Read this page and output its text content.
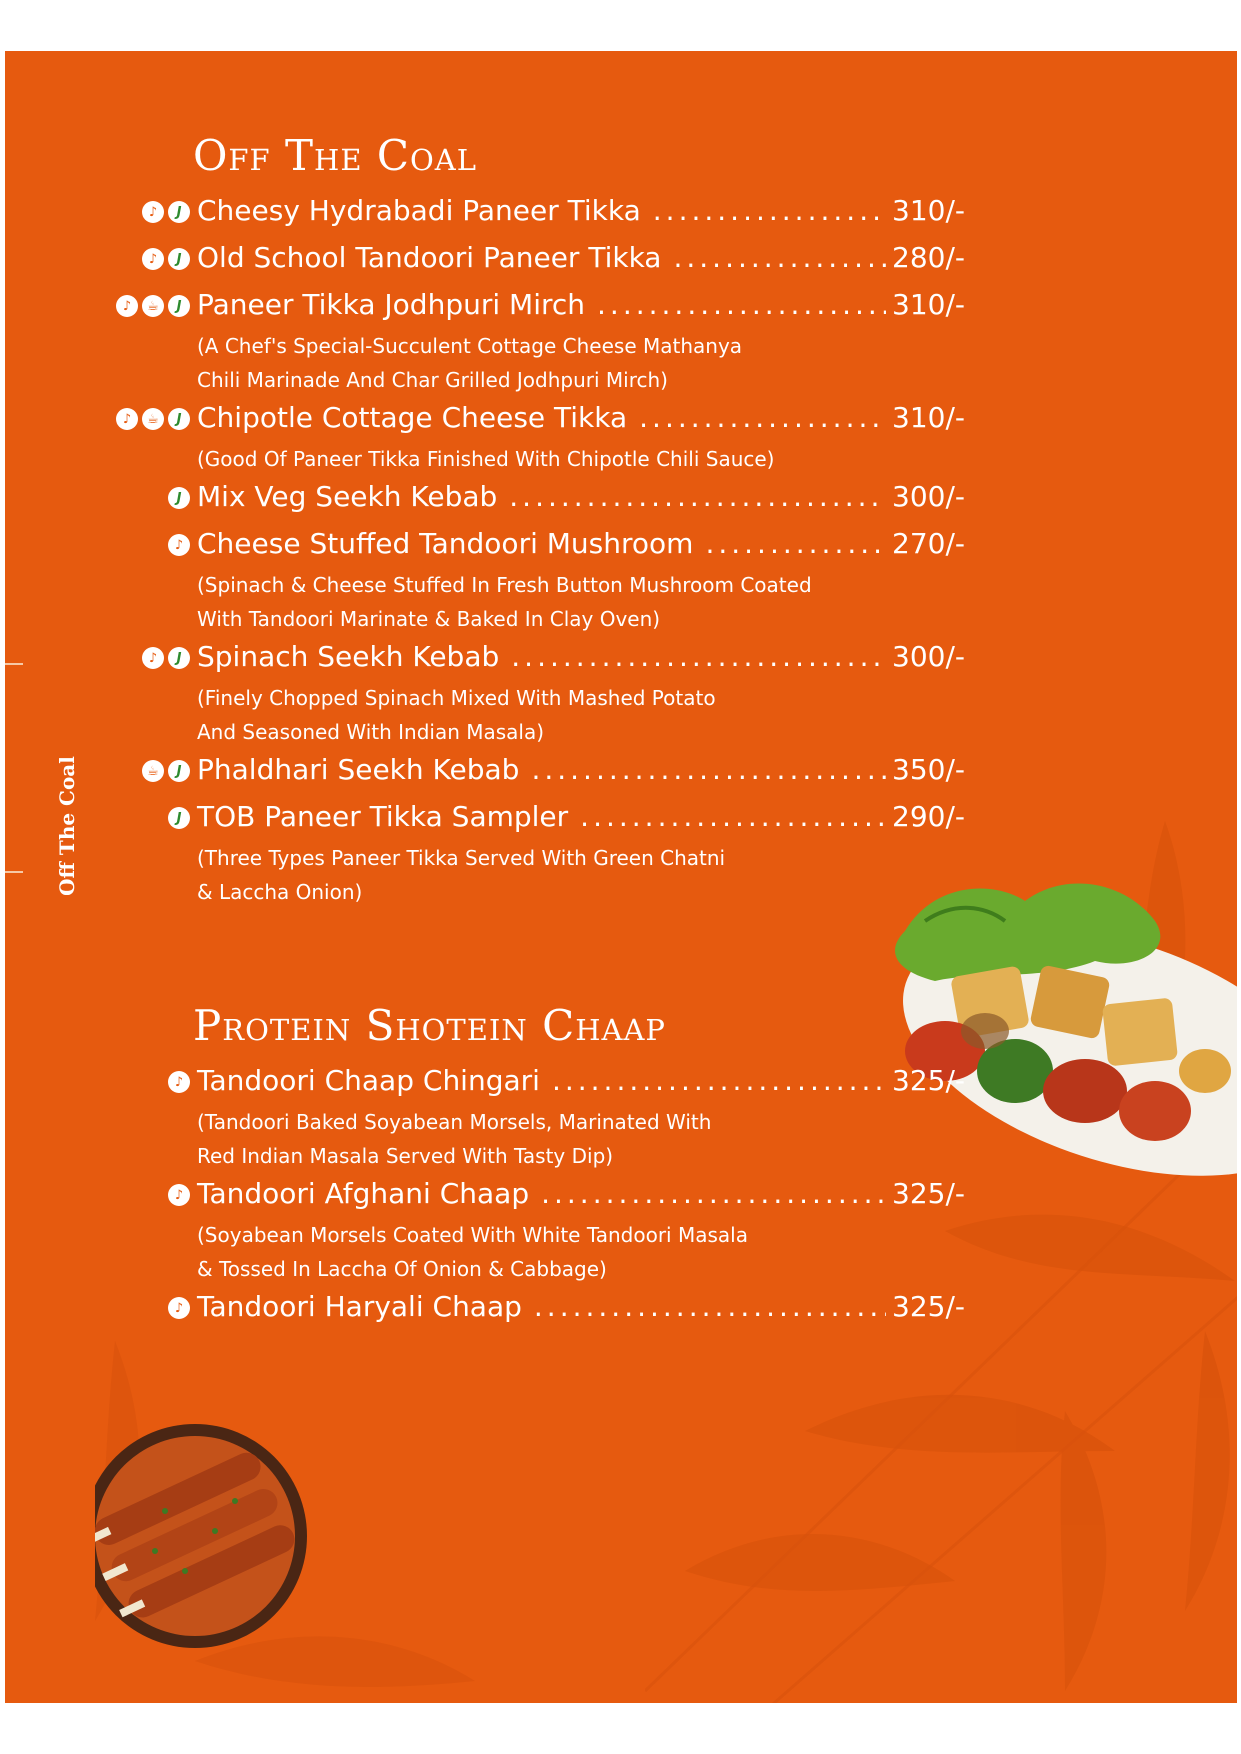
Off The Coal
Off The Coal
♪	J Cheesy Hydrabadi Paneer Tikka .....	310/-
♪	J Old School Tandoori Paneer Tikka .....	280/-
♪	☕	J Paneer Tikka Jodhpuri Mirch .....	310/-
(A Chef's Special-Succulent Cottage Cheese Mathanya
Chili Marinade And Char Grilled Jodhpuri Mirch)
♪	☕	J Chipotle Cottage Cheese Tikka .....	310/-
(Good Of Paneer Tikka Finished With Chipotle Chili Sauce)
J Mix Veg Seekh Kebab .....	300/-
♪ Cheese Stuffed Tandoori Mushroom .....	270/-
(Spinach & Cheese Stuffed In Fresh Button Mushroom Coated
With Tandoori Marinate & Baked In Clay Oven)
♪	J Spinach Seekh Kebab .....	300/-
(Finely Chopped Spinach Mixed With Mashed Potato
And Seasoned With Indian Masala)
☕	J Phaldhari Seekh Kebab .....	350/-
J TOB Paneer Tikka Sampler .....	290/-
(Three Types Paneer Tikka Served With Green Chatni
& Laccha Onion)
Protein Shotein Chaap
♪ Tandoori Chaap Chingari .....	325/-
(Tandoori Baked Soyabean Morsels, Marinated With
Red Indian Masala Served With Tasty Dip)
♪ Tandoori Afghani Chaap .....	325/-
(Soyabean Morsels Coated With White Tandoori Masala
& Tossed In Laccha Of Onion & Cabbage)
♪ Tandoori Haryali Chaap .....	325/-
